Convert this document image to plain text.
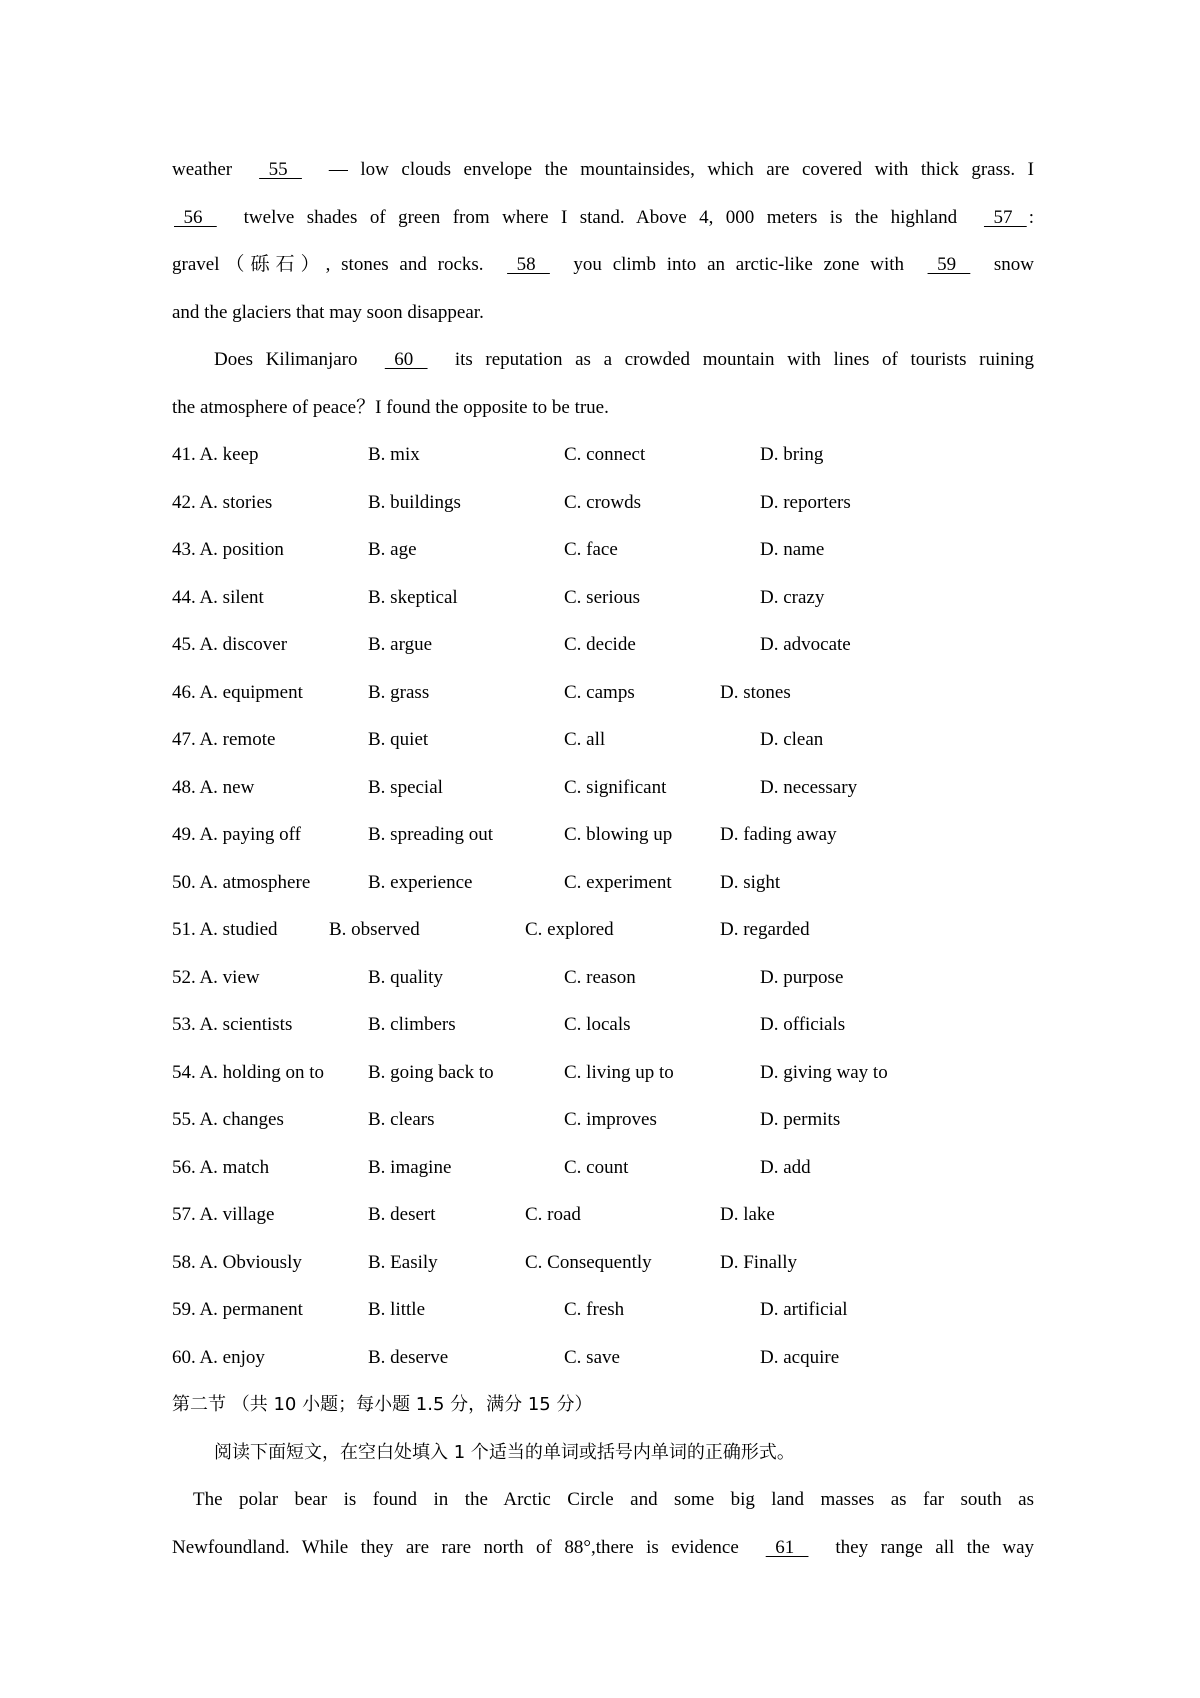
weather    55     — low clouds envelope the mountainsides, which are covered with thick grass. I
56     twelve shades of green from where I stand. Above 4, 000 meters is the highland    57   :
gravel（砾石）, stones and rocks.    58     you climb into an arctic-like zone with    59     snow
and the glaciers that may soon disappear.
Does Kilimanjaro    60     its reputation as a crowded mountain with lines of tourists ruining
the atmosphere of peace？I found the opposite to be true.
41. A. keep	B. mix	C. connect	D. bring
42. A. stories	B. buildings	C. crowds	D. reporters
43. A. position	B. age	C. face	D. name
44. A. silent	B. skeptical	C. serious	D. crazy
45. A. discover	B. argue	C. decide	D. advocate
46. A. equipment	B. grass	C. camps	D. stones
47. A. remote	B. quiet	C. all	D. clean
48. A. new	B. special	C. significant	D. necessary
49. A. paying off	B. spreading out	C. blowing up	D. fading away
50. A. atmosphere	B. experience	C. experiment	D. sight
51. A. studied	B. observed	C. explored	D. regarded
52. A. view	B. quality	C. reason	D. purpose
53. A. scientists	B. climbers	C. locals	D. officials
54. A. holding on to B. going back to	C. living up to	D. giving way to
55. A. changes	B. clears	C. improves	D. permits
56. A. match	B. imagine	C. count	D. add
57. A. village	B. desert	C. road	D. lake
58. A. Obviously	B. Easily	C. Consequently	D. Finally
59. A. permanent	B. little	C. fresh	D. artificial
60. A. enjoy	B. deserve	C. save	D. acquire
第二节 （共 10 小题；每小题 1.5 分，满分 15 分）
阅读下面短文，在空白处填入 1 个适当的单词或括号内单词的正确形式。
The polar bear is found in the Arctic Circle and some big land masses as far south as
Newfoundland. While they are rare north of 88°,there is evidence    61     they range all the way
